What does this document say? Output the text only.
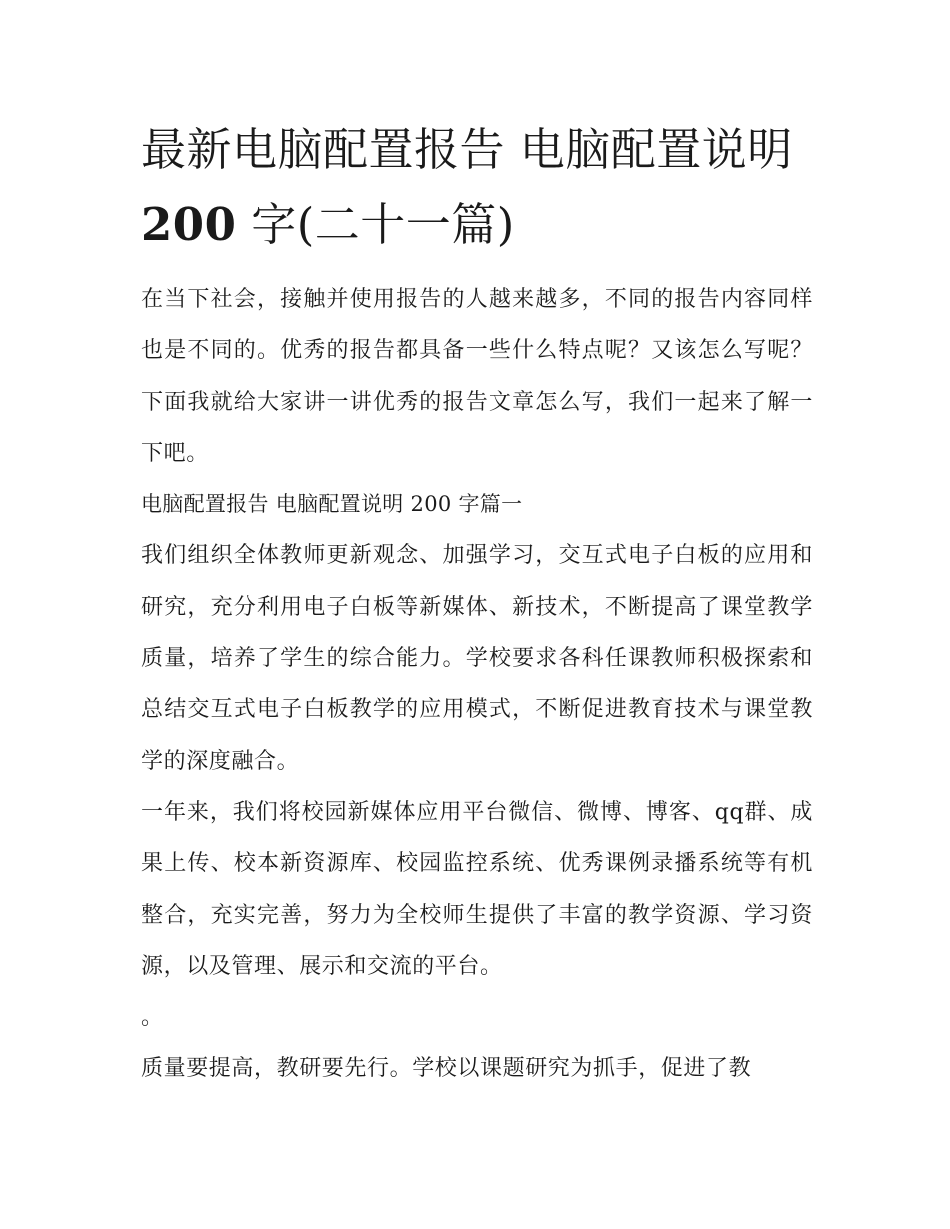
最新电脑配置报告 电脑配置说明200 字(二十一篇)

在当下社会，接触并使用报告的人越来越多，不同的报告内容同样也是不同的。优秀的报告都具备一些什么特点呢？又该怎么写呢？下面我就给大家讲一讲优秀的报告文章怎么写，我们一起来了解一下吧。

电脑配置报告 电脑配置说明 200 字篇一

我们组织全体教师更新观念、加强学习，交互式电子白板的应用和研究，充分利用电子白板等新媒体、新技术，不断提高了课堂教学质量，培养了学生的综合能力。学校要求各科任课教师积极探索和总结交互式电子白板教学的应用模式，不断促进教育技术与课堂教学的深度融合。

一年来，我们将校园新媒体应用平台微信、微博、博客、qq群、成果上传、校本新资源库、校园监控系统、优秀课例录播系统等有机整合，充实完善，努力为全校师生提供了丰富的教学资源、学习资源，以及管理、展示和交流的平台。

。

质量要提高，教研要先行。学校以课题研究为抓手，促进了教
